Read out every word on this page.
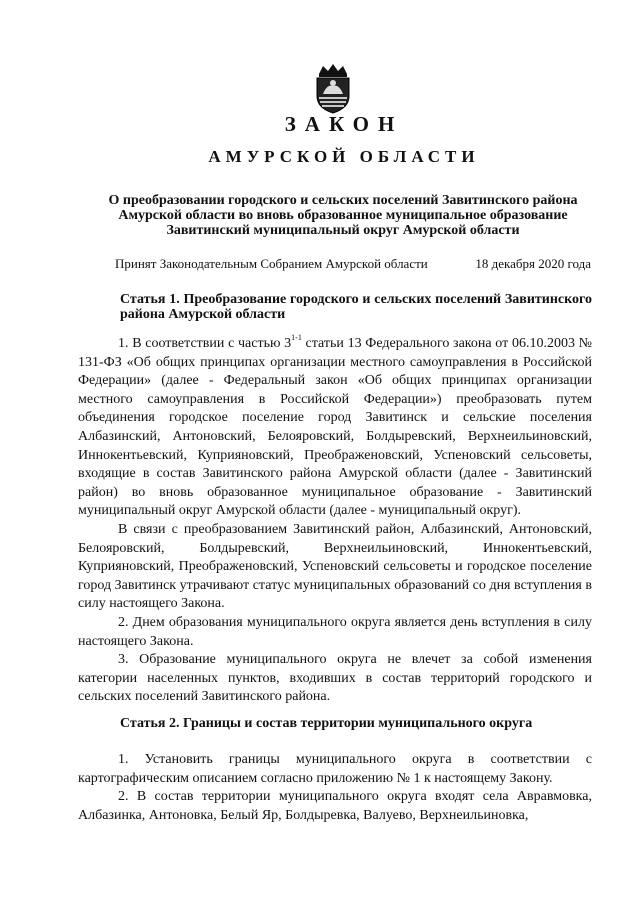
ЗАКОН
АМУРСКОЙ ОБЛАСТИ
О преобразовании городского и сельских поселений Завитинского района Амурской области во вновь образованное муниципальное образование Завитинский муниципальный округ Амурской области
Принят Законодательным Собранием Амурской области	18 декабря 2020 года
Статья 1. Преобразование городского и сельских поселений Завитинского района Амурской области

1. В соответствии с частью 3$^{1-1}$ статьи 13 Федерального закона от 06.10.2003 № 131-ФЗ «Об общих принципах организации местного самоуправления в Российской Федерации» (далее - Федеральный закон «Об общих принципах организации местного самоуправления в Российской Федерации») преобразовать путем объединения городское поселение город Завитинск и сельские поселения Албазинский, Антоновский, Белояровский, Болдыревский, Верхнеильиновский, Иннокентьевский, Куприяновский, Преображеновский, Успеновский сельсоветы, входящие в состав Завитинского района Амурской области (далее - Завитинский район) во вновь образованное муниципальное образование - Завитинский муниципальный округ Амурской области (далее - муниципальный округ).

В связи с преобразованием Завитинский район, Албазинский, Антоновский, Белояровский, Болдыревский, Верхнеильиновский, Иннокентьевский, Куприяновский, Преображеновский, Успеновский сельсоветы и городское поселение город Завитинск утрачивают статус муниципальных образований со дня вступления в силу настоящего Закона.

2. Днем образования муниципального округа является день вступления в силу настоящего Закона.

3. Образование муниципального округа не влечет за собой изменения категории населенных пунктов, входивших в состав территорий городского и сельских поселений Завитинского района.

Статья 2. Границы и состав территории муниципального округа

1. Установить границы муниципального округа в соответствии с картографическим описанием согласно приложению № 1 к настоящему Закону.

2. В состав территории муниципального округа входят села Авравмовка, Албазинка, Антоновка, Белый Яр, Болдыревка, Валуево, Верхнеильиновка,
